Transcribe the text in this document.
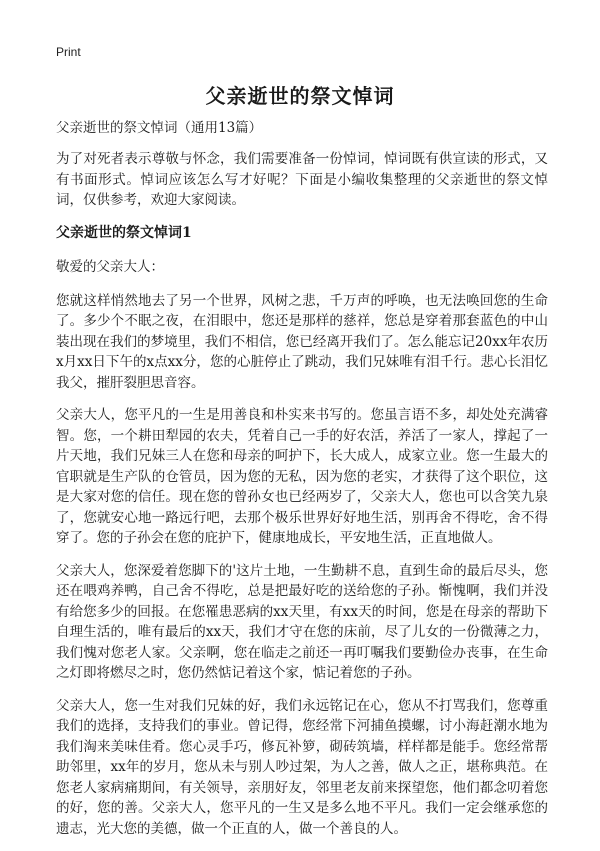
Print
父亲逝世的祭文悼词

父亲逝世的祭文悼词（通用13篇）

为了对死者表示尊敬与怀念，我们需要准备一份悼词，悼词既有供宣读的形式，又有书面形式。悼词应该怎么写才好呢？下面是小编收集整理的父亲逝世的祭文悼词，仅供参考，欢迎大家阅读。

父亲逝世的祭文悼词1

敬爱的父亲大人：

您就这样悄然地去了另一个世界，风树之悲，千万声的呼唤，也无法唤回您的生命了。多少个不眠之夜，在泪眼中，您还是那样的慈祥，您总是穿着那套蓝色的中山装出现在我们的梦境里，我们不相信，您已经离开我们了。怎么能忘记20xx年农历x月xx日下午的x点xx分，您的心脏停止了跳动，我们兄妹唯有泪千行。悲心长泪忆我父，摧肝裂胆思音容。

父亲大人，您平凡的一生是用善良和朴实来书写的。您虽言语不多，却处处充满睿智。您，一个耕田犁园的农夫，凭着自己一手的好农活，养活了一家人，撑起了一片天地，我们兄妹三人在您和母亲的呵护下，长大成人，成家立业。您一生最大的官职就是生产队的仓管员，因为您的无私，因为您的老实，才获得了这个职位，这是大家对您的信任。现在您的曾孙女也已经两岁了，父亲大人，您也可以含笑九泉了，您就安心地一路远行吧，去那个极乐世界好好地生活，别再舍不得吃，舍不得穿了。您的子孙会在您的庇护下，健康地成长，平安地生活，正直地做人。

父亲大人，您深爱着您脚下的'这片土地，一生勤耕不息，直到生命的最后尽头，您还在喂鸡养鸭，自己舍不得吃，总是把最好吃的送给您的子孙。惭愧啊，我们并没有给您多少的回报。在您罹患恶病的xx天里，有xx天的时间，您是在母亲的帮助下自理生活的，唯有最后的xx天，我们才守在您的床前，尽了儿女的一份微薄之力，我们愧对您老人家。父亲啊，您在临走之前还一再叮嘱我们要勤俭办丧事，在生命之灯即将燃尽之时，您仍然惦记着这个家，惦记着您的子孙。

父亲大人，您一生对我们兄妹的好，我们永远铭记在心，您从不打骂我们，您尊重我们的选择，支持我们的事业。曾记得，您经常下河捕鱼摸螺，讨小海赶潮水地为我们淘来美味佳肴。您心灵手巧，修瓦补箩，砌砖筑墙，样样都是能手。您经常帮助邻里，xx年的岁月，您从未与别人吵过架，为人之善，做人之正，堪称典范。在您老人家病痛期间，有关领导，亲朋好友，邻里老友前来探望您，他们都念叨着您的好，您的善。父亲大人，您平凡的一生又是多么地不平凡。我们一定会继承您的遗志，光大您的美德，做一个正直的人，做一个善良的人。
